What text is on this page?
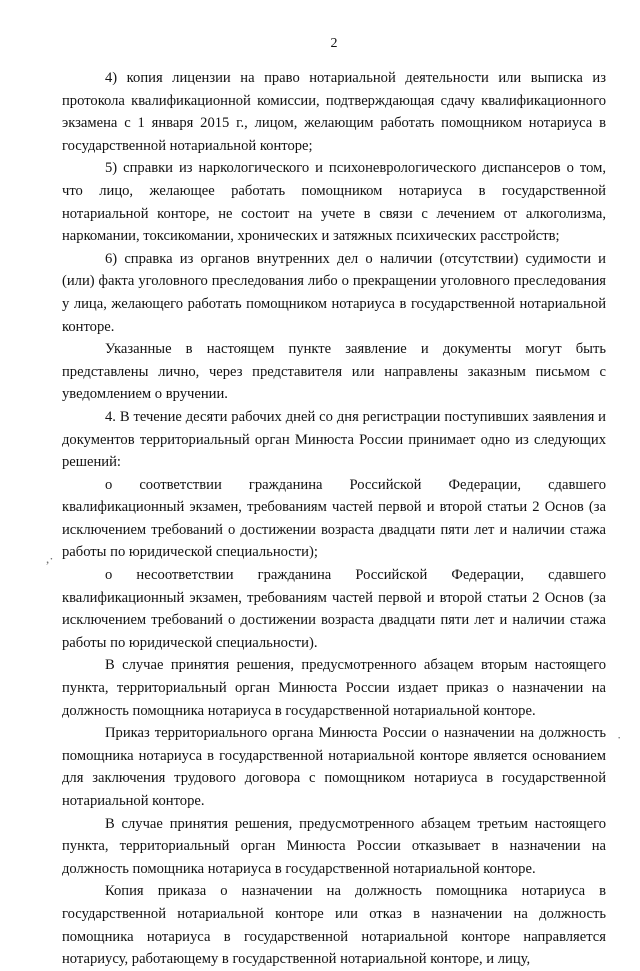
2

4) копия лицензии на право нотариальной деятельности или выписка из протокола квалификационной комиссии, подтверждающая сдачу квалификационного экзамена с 1 января 2015 г., лицом, желающим работать помощником нотариуса в государственной нотариальной конторе;

5) справки из наркологического и психоневрологического диспансеров о том, что лицо, желающее работать помощником нотариуса в государственной нотариальной конторе, не состоит на учете в связи с лечением от алкоголизма, наркомании, токсикомании, хронических и затяжных психических расстройств;

6) справка из органов внутренних дел о наличии (отсутствии) судимости и (или) факта уголовного преследования либо о прекращении уголовного преследования у лица, желающего работать помощником нотариуса в государственной нотариальной конторе.

Указанные в настоящем пункте заявление и документы могут быть представлены лично, через представителя или направлены заказным письмом с уведомлением о вручении.

4. В течение десяти рабочих дней со дня регистрации поступивших заявления и документов территориальный орган Минюста России принимает одно из следующих решений:

о соответствии гражданина Российской Федерации, сдавшего квалификационный экзамен, требованиям частей первой и второй статьи 2 Основ (за исключением требований о достижении возраста двадцати пяти лет и наличии стажа работы по юридической специальности);

о несоответствии гражданина Российской Федерации, сдавшего квалификационный экзамен, требованиям частей первой и второй статьи 2 Основ (за исключением требований о достижении возраста двадцати пяти лет и наличии стажа работы по юридической специальности).

В случае принятия решения, предусмотренного абзацем вторым настоящего пункта, территориальный орган Минюста России издает приказ о назначении на должность помощника нотариуса в государственной нотариальной конторе.

Приказ территориального органа Минюста России о назначении на должность помощника нотариуса в государственной нотариальной конторе является основанием для заключения трудового договора с помощником нотариуса в государственной нотариальной конторе.

В случае принятия решения, предусмотренного абзацем третьим настоящего пункта, территориальный орган Минюста России отказывает в назначении на должность помощника нотариуса в государственной нотариальной конторе.

Копия приказа о назначении на должность помощника нотариуса в государственной нотариальной конторе или отказ в назначении на должность помощника нотариуса в государственной нотариальной конторе направляется нотариусу, работающему в государственной нотариальной конторе, и лицу,

,·
·
